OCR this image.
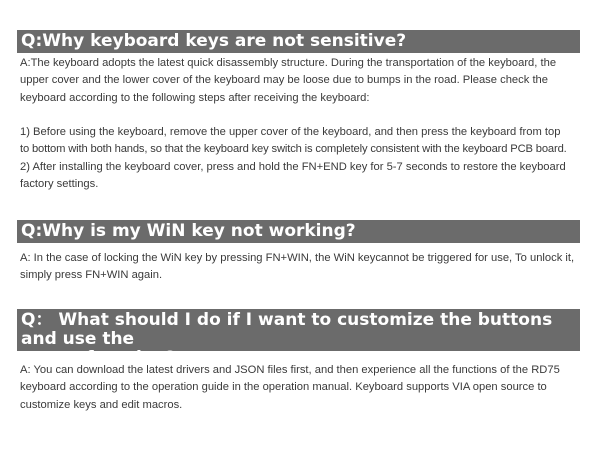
Q:Why keyboard keys are not sensitive?

A:The keyboard adopts the latest quick disassembly structure. During the transportation of the keyboard, the

upper cover and the lower cover of the keyboard may be loose due to bumps in the road. Please check the

keyboard according to the following steps after receiving the keyboard:

1) Before using the keyboard, remove the upper cover of the keyboard, and then press the keyboard from top

to bottom with both hands, so that the keyboard key switch is completely consistent with the keyboard PCB board.

2) After installing the keyboard cover, press and hold the FN+END key for 5-7 seconds to restore the keyboard

factory settings.

Q:Why is my WiN key not working?

A: In the case of locking the WiN key by pressing FN+WIN, the WiN keycannot be triggered for use, To unlock it,

simply press FN+WIN again.

Q： What should I do if I want to customize the buttons and use the
macro function?

A: You can download the latest drivers and JSON files first, and then experience all the functions of the RD75

keyboard according to the operation guide in the operation manual. Keyboard supports VIA open source to

customize keys and edit macros.
